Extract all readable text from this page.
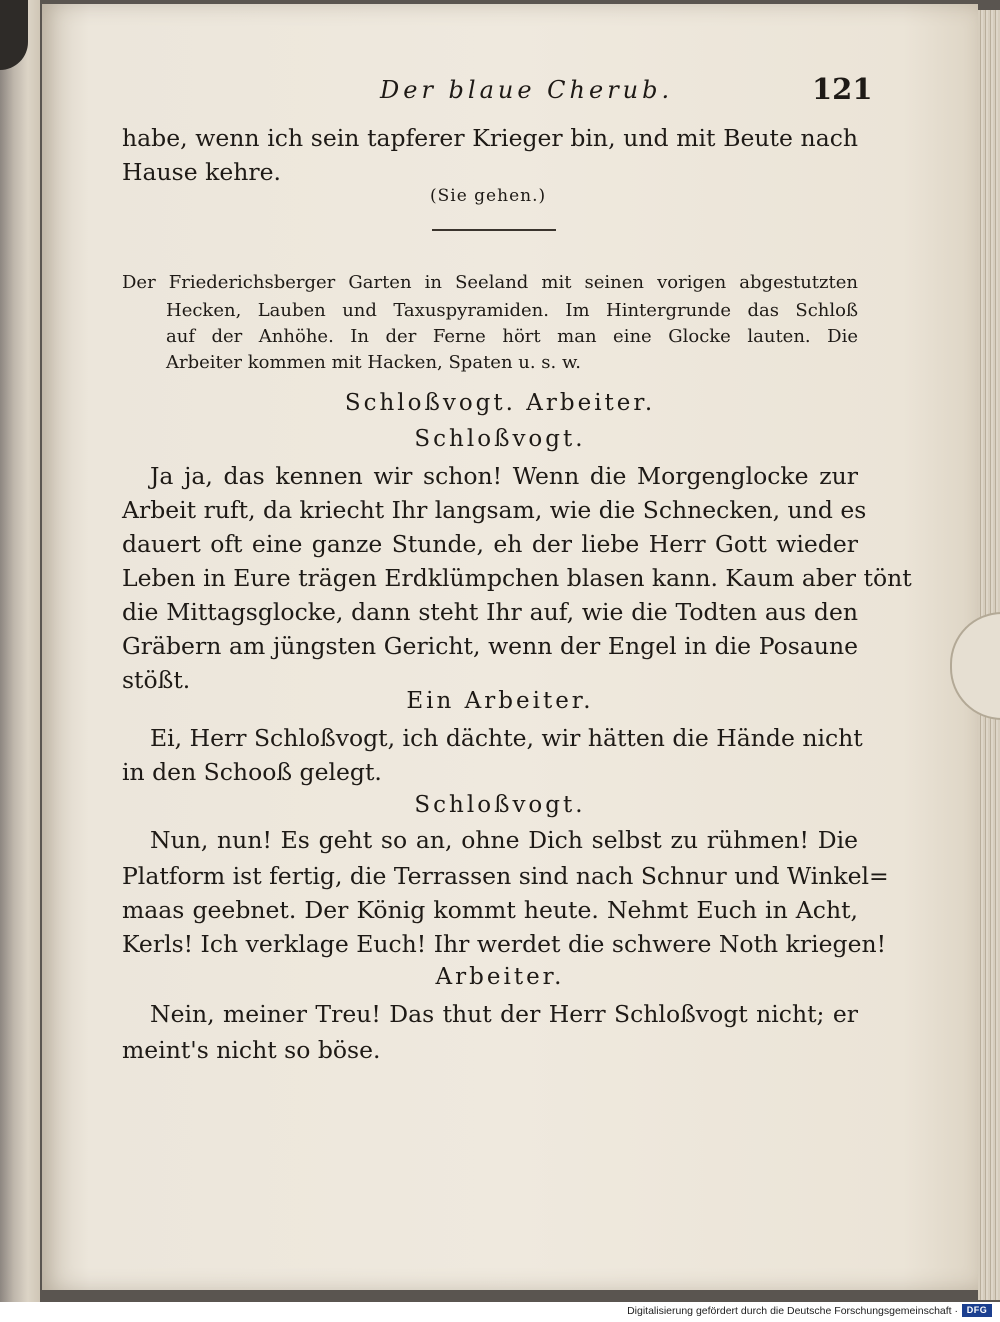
Der blaue Cherub.	121
habe, wenn ich sein tapferer Krieger bin, und mit Beute nach
Hause kehre.
(Sie gehen.)
Der Friederichsberger Garten in Seeland mit seinen vorigen abgestutzten
Hecken, Lauben und Taxuspyramiden. Im Hintergrunde das Schloß
auf der Anhöhe. In der Ferne hört man eine Glocke lauten. Die
Arbeiter kommen mit Hacken, Spaten u. s. w.
Schloßvogt. Arbeiter.
Schloßvogt.
Ja ja, das kennen wir schon! Wenn die Morgenglocke zur
Arbeit ruft, da kriecht Ihr langsam, wie die Schnecken, und es
dauert oft eine ganze Stunde, eh der liebe Herr Gott wieder
Leben in Eure trägen Erdklümpchen blasen kann. Kaum aber tönt
die Mittagsglocke, dann steht Ihr auf, wie die Todten aus den
Gräbern am jüngsten Gericht, wenn der Engel in die Posaune
stößt.
Ein Arbeiter.
Ei, Herr Schloßvogt, ich dächte, wir hätten die Hände nicht
in den Schooß gelegt.
Schloßvogt.
Nun, nun! Es geht so an, ohne Dich selbst zu rühmen! Die
Platform ist fertig, die Terrassen sind nach Schnur und Winkel=
maas geebnet. Der König kommt heute. Nehmt Euch in Acht,
Kerls! Ich verklage Euch! Ihr werdet die schwere Noth kriegen!
Arbeiter.
Nein, meiner Treu! Das thut der Herr Schloßvogt nicht; er
meint's nicht so böse.
Digitalisierung gefördert durch die Deutsche Forschungsgemeinschaft · DFG
